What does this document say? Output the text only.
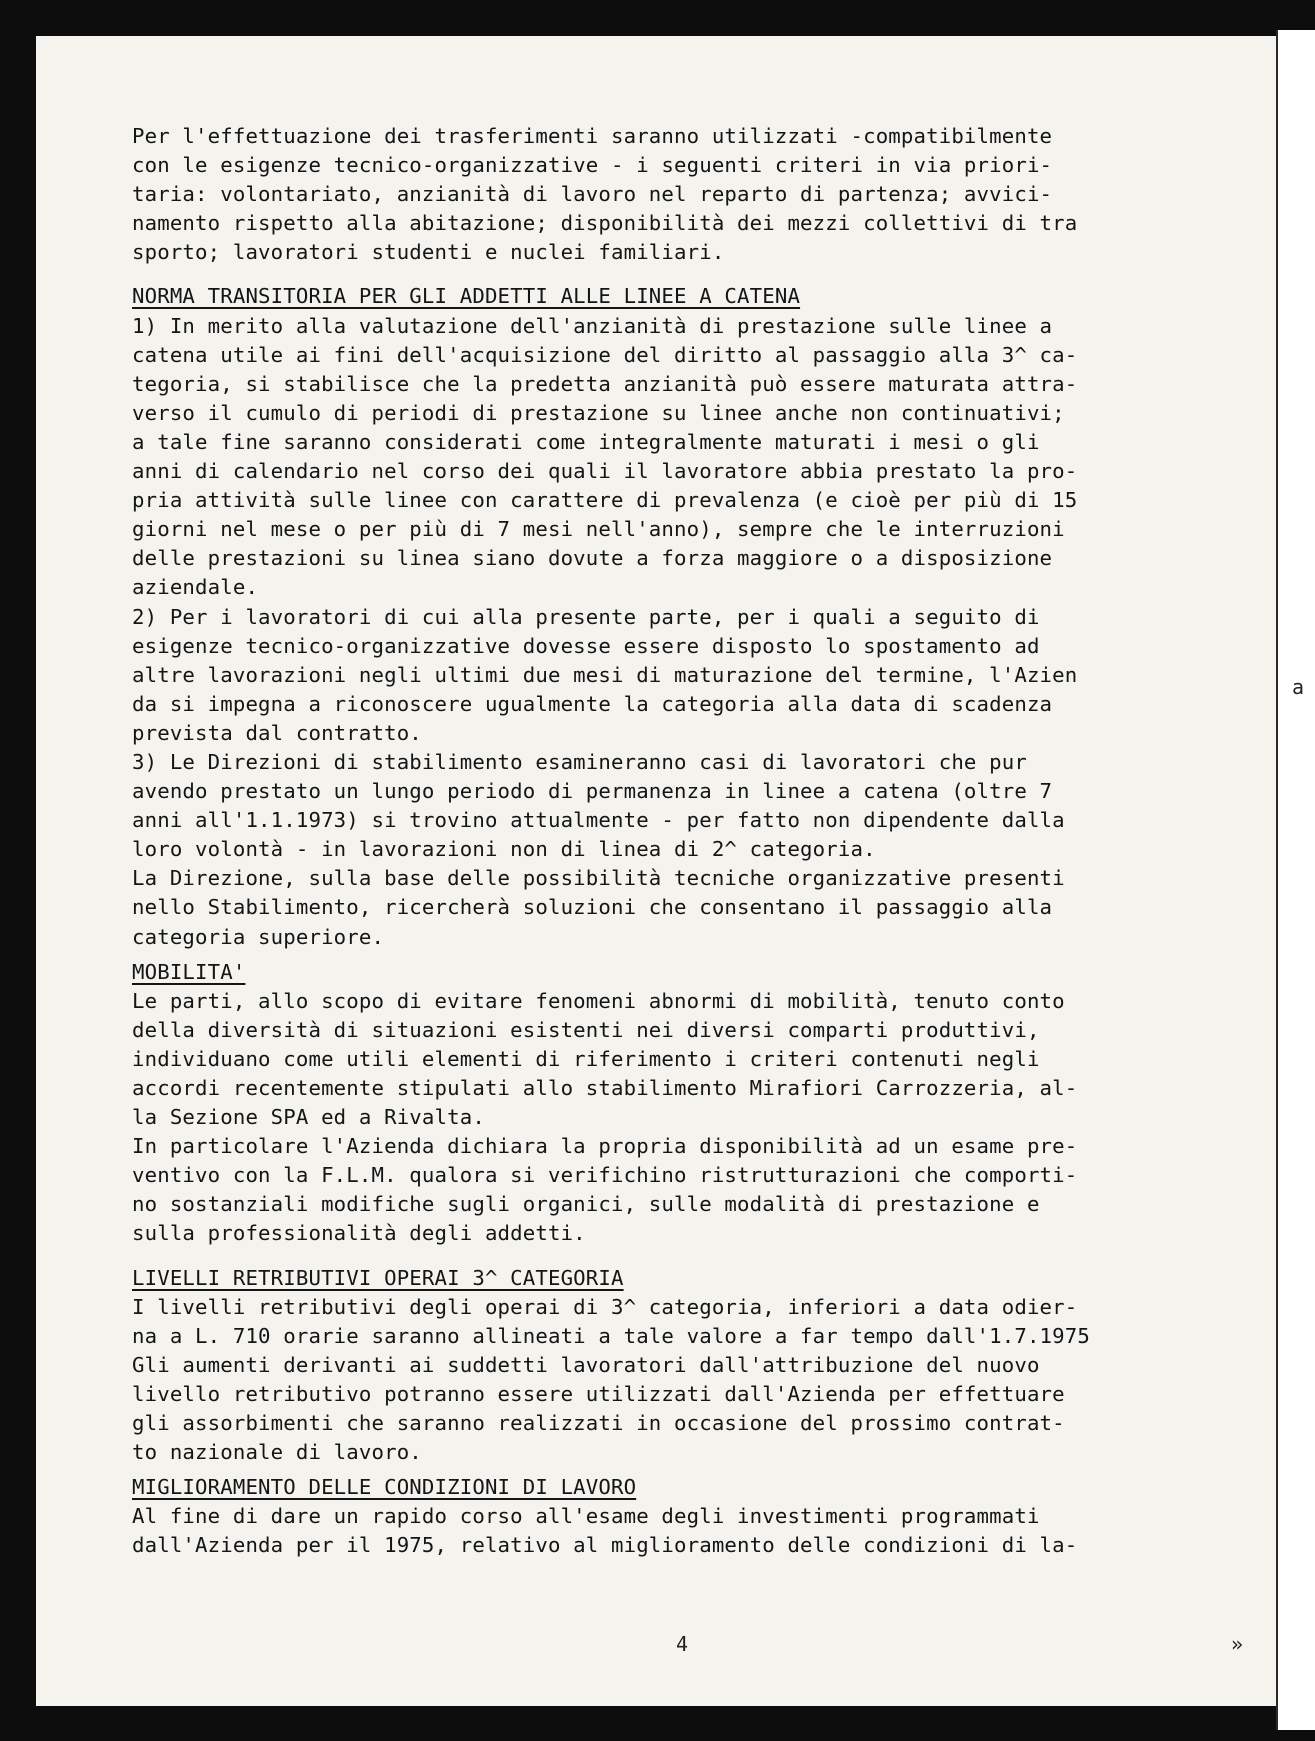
Per l'effettuazione dei trasferimenti saranno utilizzati -compatibilmente
con le esigenze tecnico-organizzative - i seguenti criteri in via priori-
taria: volontariato, anzianità di lavoro nel reparto di partenza; avvici-
namento rispetto alla abitazione; disponibilità dei mezzi collettivi di tra
sporto; lavoratori studenti e nuclei familiari.
NORMA TRANSITORIA PER GLI ADDETTI ALLE LINEE A CATENA
1) In merito alla valutazione dell'anzianità di prestazione sulle linee a
catena utile ai fini dell'acquisizione del diritto al passaggio alla 3^ ca-
tegoria, si stabilisce che la predetta anzianità può essere maturata attra-
verso il cumulo di periodi di prestazione su linee anche non continuativi;
a tale fine saranno considerati come integralmente maturati i mesi o gli
anni di calendario nel corso dei quali il lavoratore abbia prestato la pro-
pria attività sulle linee con carattere di prevalenza (e cioè per più di 15
giorni nel mese o per più di 7 mesi nell'anno), sempre che le interruzioni
delle prestazioni su linea siano dovute a forza maggiore o a disposizione
aziendale.
2) Per i lavoratori di cui alla presente parte, per i quali a seguito di
esigenze tecnico-organizzative dovesse essere disposto lo spostamento ad
altre lavorazioni negli ultimi due mesi di maturazione del termine, l'Azien
da si impegna a riconoscere ugualmente la categoria alla data di scadenza
prevista dal contratto.
3) Le Direzioni di stabilimento esamineranno casi di lavoratori che pur
avendo prestato un lungo periodo di permanenza in linee a catena (oltre 7
anni all'1.1.1973) si trovino attualmente - per fatto non dipendente dalla
loro volontà - in lavorazioni non di linea di 2^ categoria.
La Direzione, sulla base delle possibilità tecniche organizzative presenti
nello Stabilimento, ricercherà soluzioni che consentano il passaggio alla
categoria superiore.
MOBILITA'
Le parti, allo scopo di evitare fenomeni abnormi di mobilità, tenuto conto
della diversità di situazioni esistenti nei diversi comparti produttivi,
individuano come utili elementi di riferimento i criteri contenuti negli
accordi recentemente stipulati allo stabilimento Mirafiori Carrozzeria, al-
la Sezione SPA ed a Rivalta.
In particolare l'Azienda dichiara la propria disponibilità ad un esame pre-
ventivo con la F.L.M. qualora si verifichino ristrutturazioni che comporti-
no sostanziali modifiche sugli organici, sulle modalità di prestazione e
sulla professionalità degli addetti.
LIVELLI RETRIBUTIVI OPERAI 3^ CATEGORIA
I livelli retributivi degli operai di 3^ categoria, inferiori a data odier-
na a L. 710 orarie saranno allineati a tale valore a far tempo dall'1.7.1975
Gli aumenti derivanti ai suddetti lavoratori dall'attribuzione del nuovo
livello retributivo potranno essere utilizzati dall'Azienda per effettuare
gli assorbimenti che saranno realizzati in occasione del prossimo contrat-
to nazionale di lavoro.
MIGLIORAMENTO DELLE CONDIZIONI DI LAVORO
Al fine di dare un rapido corso all'esame degli investimenti programmati
dall'Azienda per il 1975, relativo al miglioramento delle condizioni di la-
4	»
a
